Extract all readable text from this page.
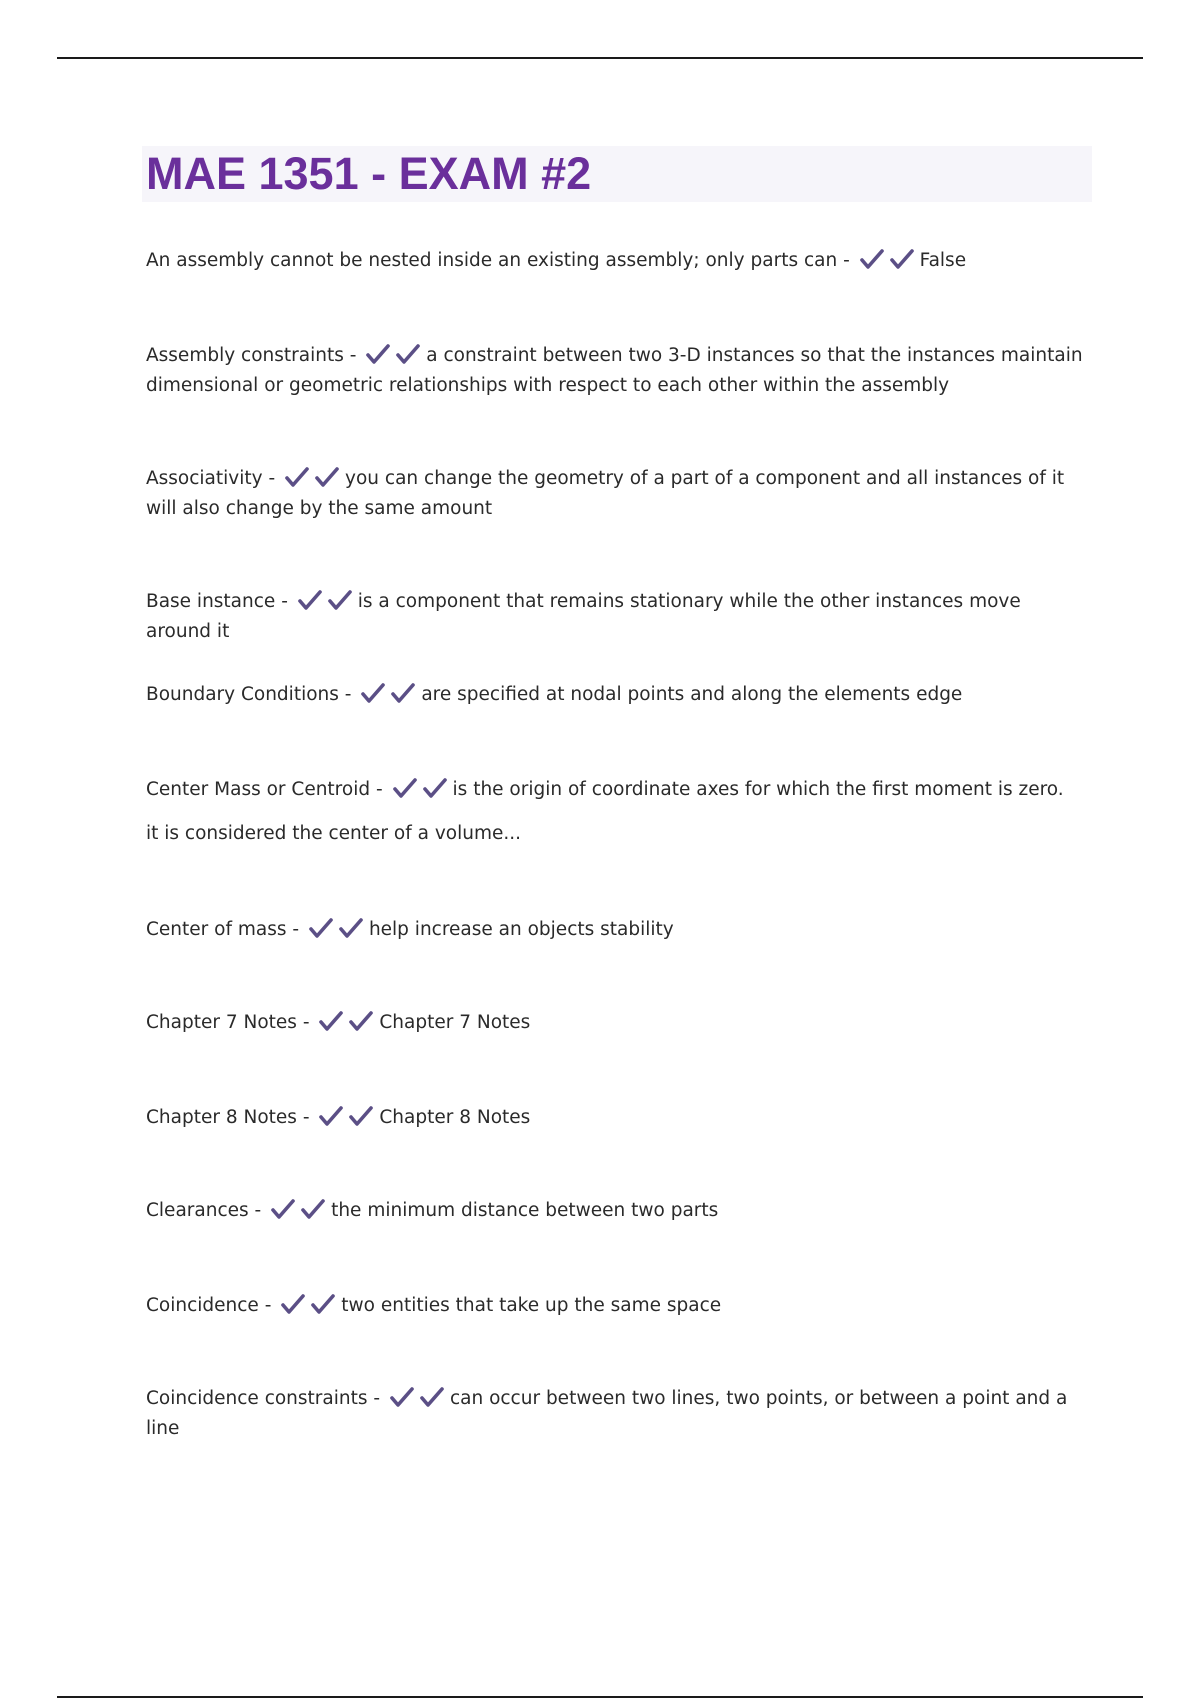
MAE 1351 - EXAM #2
An assembly cannot be nested inside an existing assembly; only parts can -	False
Assembly constraints -	a constraint between two 3-D instances so that the instances maintain dimensional or geometric relationships with respect to each other within the assembly
Associativity -	you can change the geometry of a part of a component and all instances of it will also change by the same amount
Base instance -	is a component that remains stationary while the other instances move around it
Boundary Conditions -	are specified at nodal points and along the elements edge
Center Mass or Centroid -	is the origin of coordinate axes for which the first moment is zero.
it is considered the center of a volume...
Center of mass -	help increase an objects stability
Chapter 7 Notes -	Chapter 7 Notes
Chapter 8 Notes -	Chapter 8 Notes
Clearances -	the minimum distance between two parts
Coincidence -	two entities that take up the same space
Coincidence constraints -	can occur between two lines, two points, or between a point and a line
